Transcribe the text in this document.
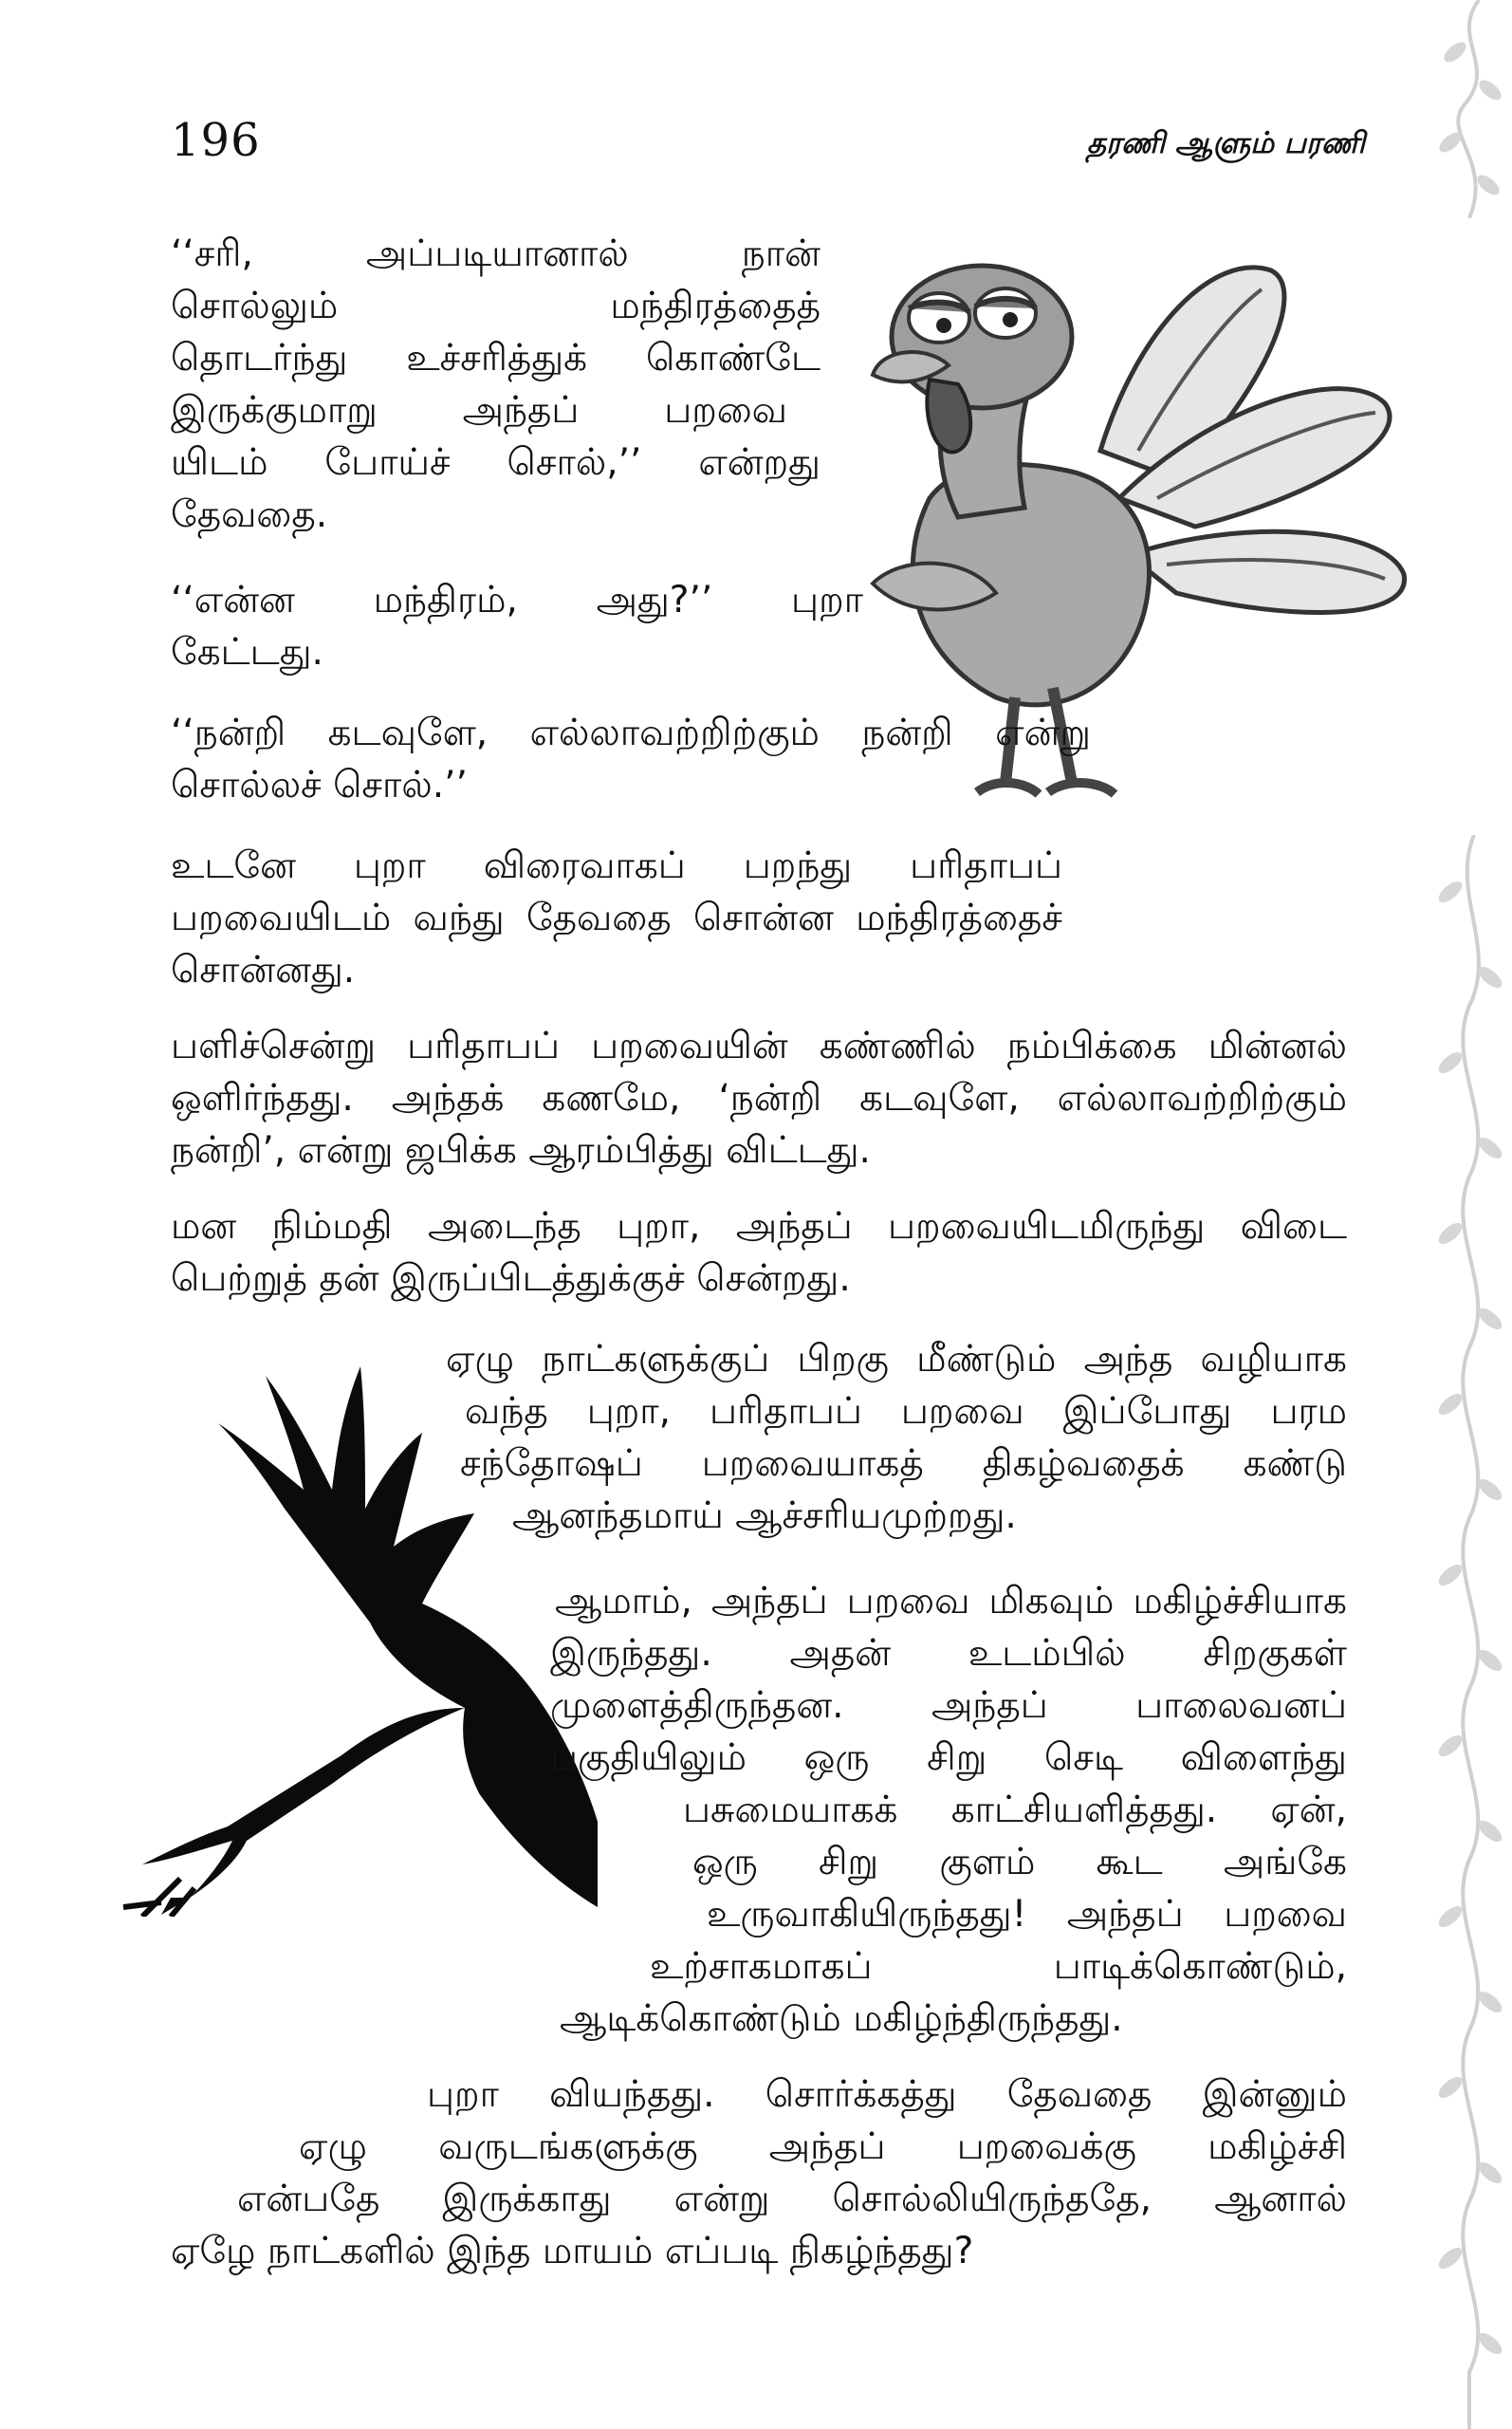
196	தரணி ஆளும் பரணி
‘‘சரி, அப்படியானால் நான்
சொல்லும் மந்திரத்தைத்
தொடர்ந்து உச்சரித்துக் கொண்டே
இருக்குமாறு அந்தப் பறவை
யிடம் போய்ச் சொல்,’’ என்றது
தேவதை.
‘‘என்ன மந்திரம், அது?’’ புறா
கேட்டது.
‘‘நன்றி கடவுளே, எல்லாவற்றிற்கும் நன்றி என்று
சொல்லச் சொல்.’’
உடனே புறா விரைவாகப் பறந்து பரிதாபப்
பறவையிடம் வந்து தேவதை சொன்ன மந்திரத்தைச்
சொன்னது.
பளிச்சென்று பரிதாபப் பறவையின் கண்ணில் நம்பிக்கை மின்னல்
ஒளிர்ந்தது. அந்தக் கணமே, ‘நன்றி கடவுளே, எல்லாவற்றிற்கும்
நன்றி’, என்று ஜபிக்க ஆரம்பித்து விட்டது.
மன நிம்மதி அடைந்த புறா, அந்தப் பறவையிடமிருந்து விடை
பெற்றுத் தன் இருப்பிடத்துக்குச் சென்றது.
ஏழு நாட்களுக்குப் பிறகு மீண்டும் அந்த வழியாக
வந்த புறா, பரிதாபப் பறவை இப்போது பரம
சந்தோஷப் பறவையாகத் திகழ்வதைக் கண்டு
ஆனந்தமாய் ஆச்சரியமுற்றது.
ஆமாம், அந்தப் பறவை மிகவும் மகிழ்ச்சியாக
இருந்தது. அதன் உடம்பில் சிறகுகள்
முளைத்திருந்தன. அந்தப் பாலைவனப்
பகுதியிலும் ஒரு சிறு செடி விளைந்து
பசுமையாகக் காட்சியளித்தது. ஏன்,
ஒரு சிறு குளம் கூட அங்கே
உருவாகியிருந்தது! அந்தப் பறவை
உற்சாகமாகப் பாடிக்கொண்டும்,
ஆடிக்கொண்டும் மகிழ்ந்திருந்தது.
புறா வியந்தது. சொர்க்கத்து தேவதை இன்னும்
ஏழு வருடங்களுக்கு அந்தப் பறவைக்கு மகிழ்ச்சி
என்பதே இருக்காது என்று சொல்லியிருந்ததே, ஆனால்
ஏழே நாட்களில் இந்த மாயம் எப்படி நிகழ்ந்தது?
